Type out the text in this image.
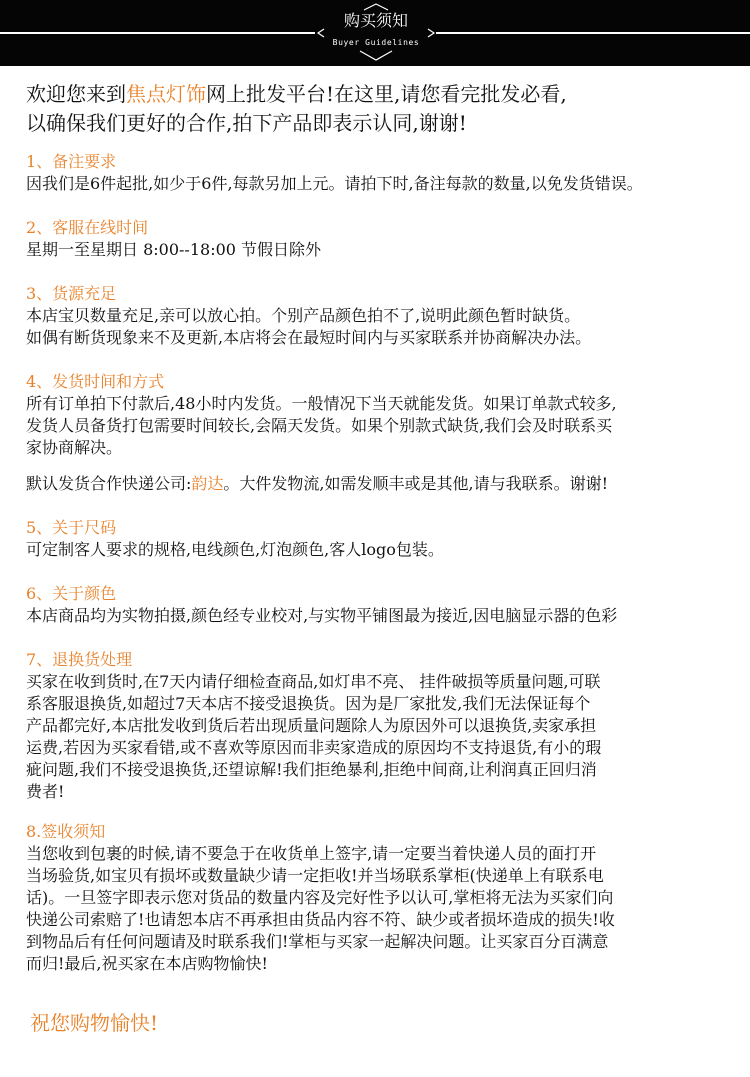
购买须知
Buyer Guidelines
欢迎您来到焦点灯饰网上批发平台!在这里,请您看完批发必看,
以确保我们更好的合作,拍下产品即表示认同,谢谢!
1、备注要求

因我们是6件起批,如少于6件,每款另加上元。请拍下时,备注每款的数量,以免发货错误。

2、客服在线时间

星期一至星期日 8:00--18:00 节假日除外

3、货源充足

本店宝贝数量充足,亲可以放心拍。个别产品颜色拍不了,说明此颜色暂时缺货。

如偶有断货现象来不及更新,本店将会在最短时间内与买家联系并协商解决办法。

4、发货时间和方式

所有订单拍下付款后,48小时内发货。一般情况下当天就能发货。如果订单款式较多,

发货人员备货打包需要时间较长,会隔天发货。如果个别款式缺货,我们会及时联系买

家协商解决。

默认发货合作快递公司:韵达。大件发物流,如需发顺丰或是其他,请与我联系。谢谢!

5、关于尺码

可定制客人要求的规格,电线颜色,灯泡颜色,客人logo包装。

6、关于颜色

本店商品均为实物拍摄,颜色经专业校对,与实物平铺图最为接近,因电脑显示器的色彩

7、退换货处理

买家在收到货时,在7天内请仔细检查商品,如灯串不亮、 挂件破损等质量问题,可联

系客服退换货,如超过7天本店不接受退换货。因为是厂家批发,我们无法保证每个

产品都完好,本店批发收到货后若出现质量问题除人为原因外可以退换货,卖家承担

运费,若因为买家看错,或不喜欢等原因而非卖家造成的原因均不支持退货,有小的瑕

疵问题,我们不接受退换货,还望谅解!我们拒绝暴利,拒绝中间商,让利润真正回归消

费者!

8.签收须知

当您收到包裹的时候,请不要急于在收货单上签字,请一定要当着快递人员的面打开

当场验货,如宝贝有损坏或数量缺少请一定拒收!并当场联系掌柜(快递单上有联系电

话)。一旦签字即表示您对货品的数量内容及完好性予以认可,掌柜将无法为买家们向

快递公司索赔了!也请恕本店不再承担由货品内容不符、缺少或者损坏造成的损失!收

到物品后有任何问题请及时联系我们!掌柜与买家一起解决问题。让买家百分百满意

而归!最后,祝买家在本店购物愉快!

祝您购物愉快!
